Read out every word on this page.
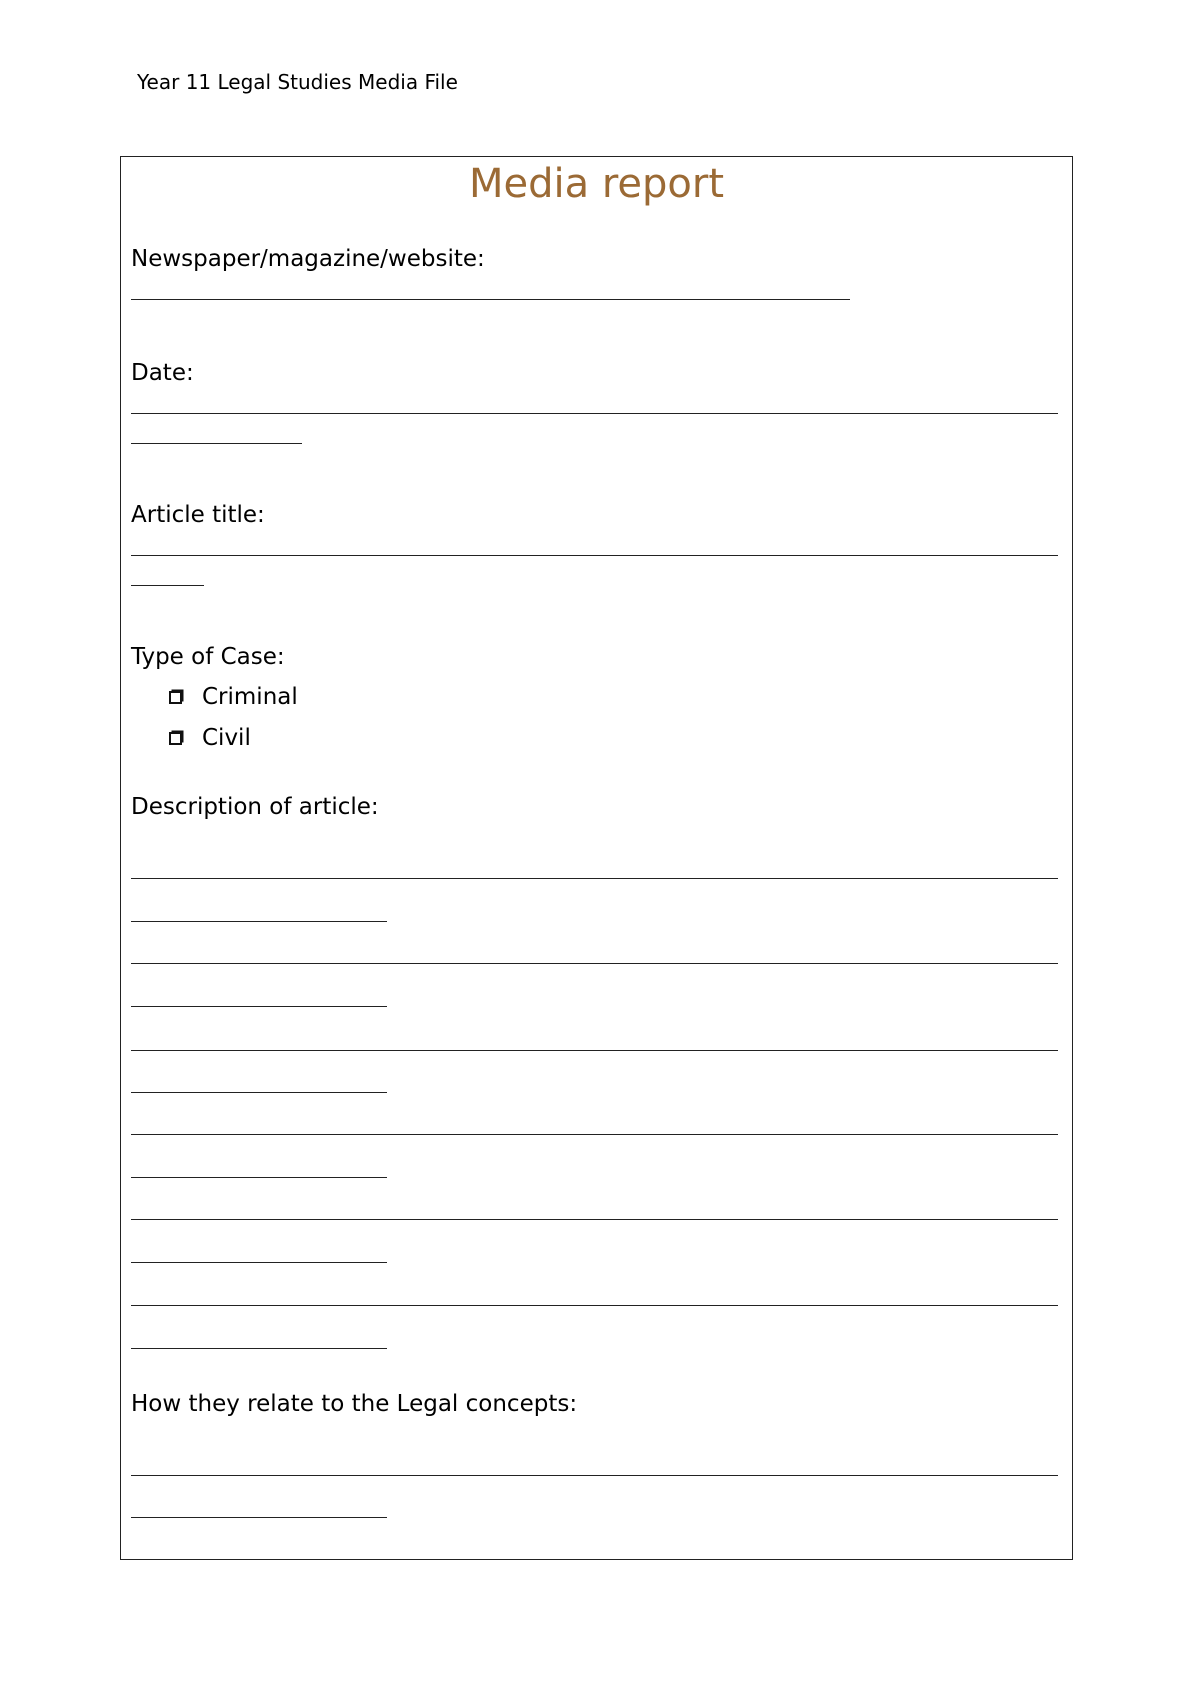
Year 11 Legal Studies Media File
Media report
Newspaper/magazine/website:
Date:
Article title:
Type of Case:
Criminal
Civil
Description of article:
How they relate to the Legal concepts:
